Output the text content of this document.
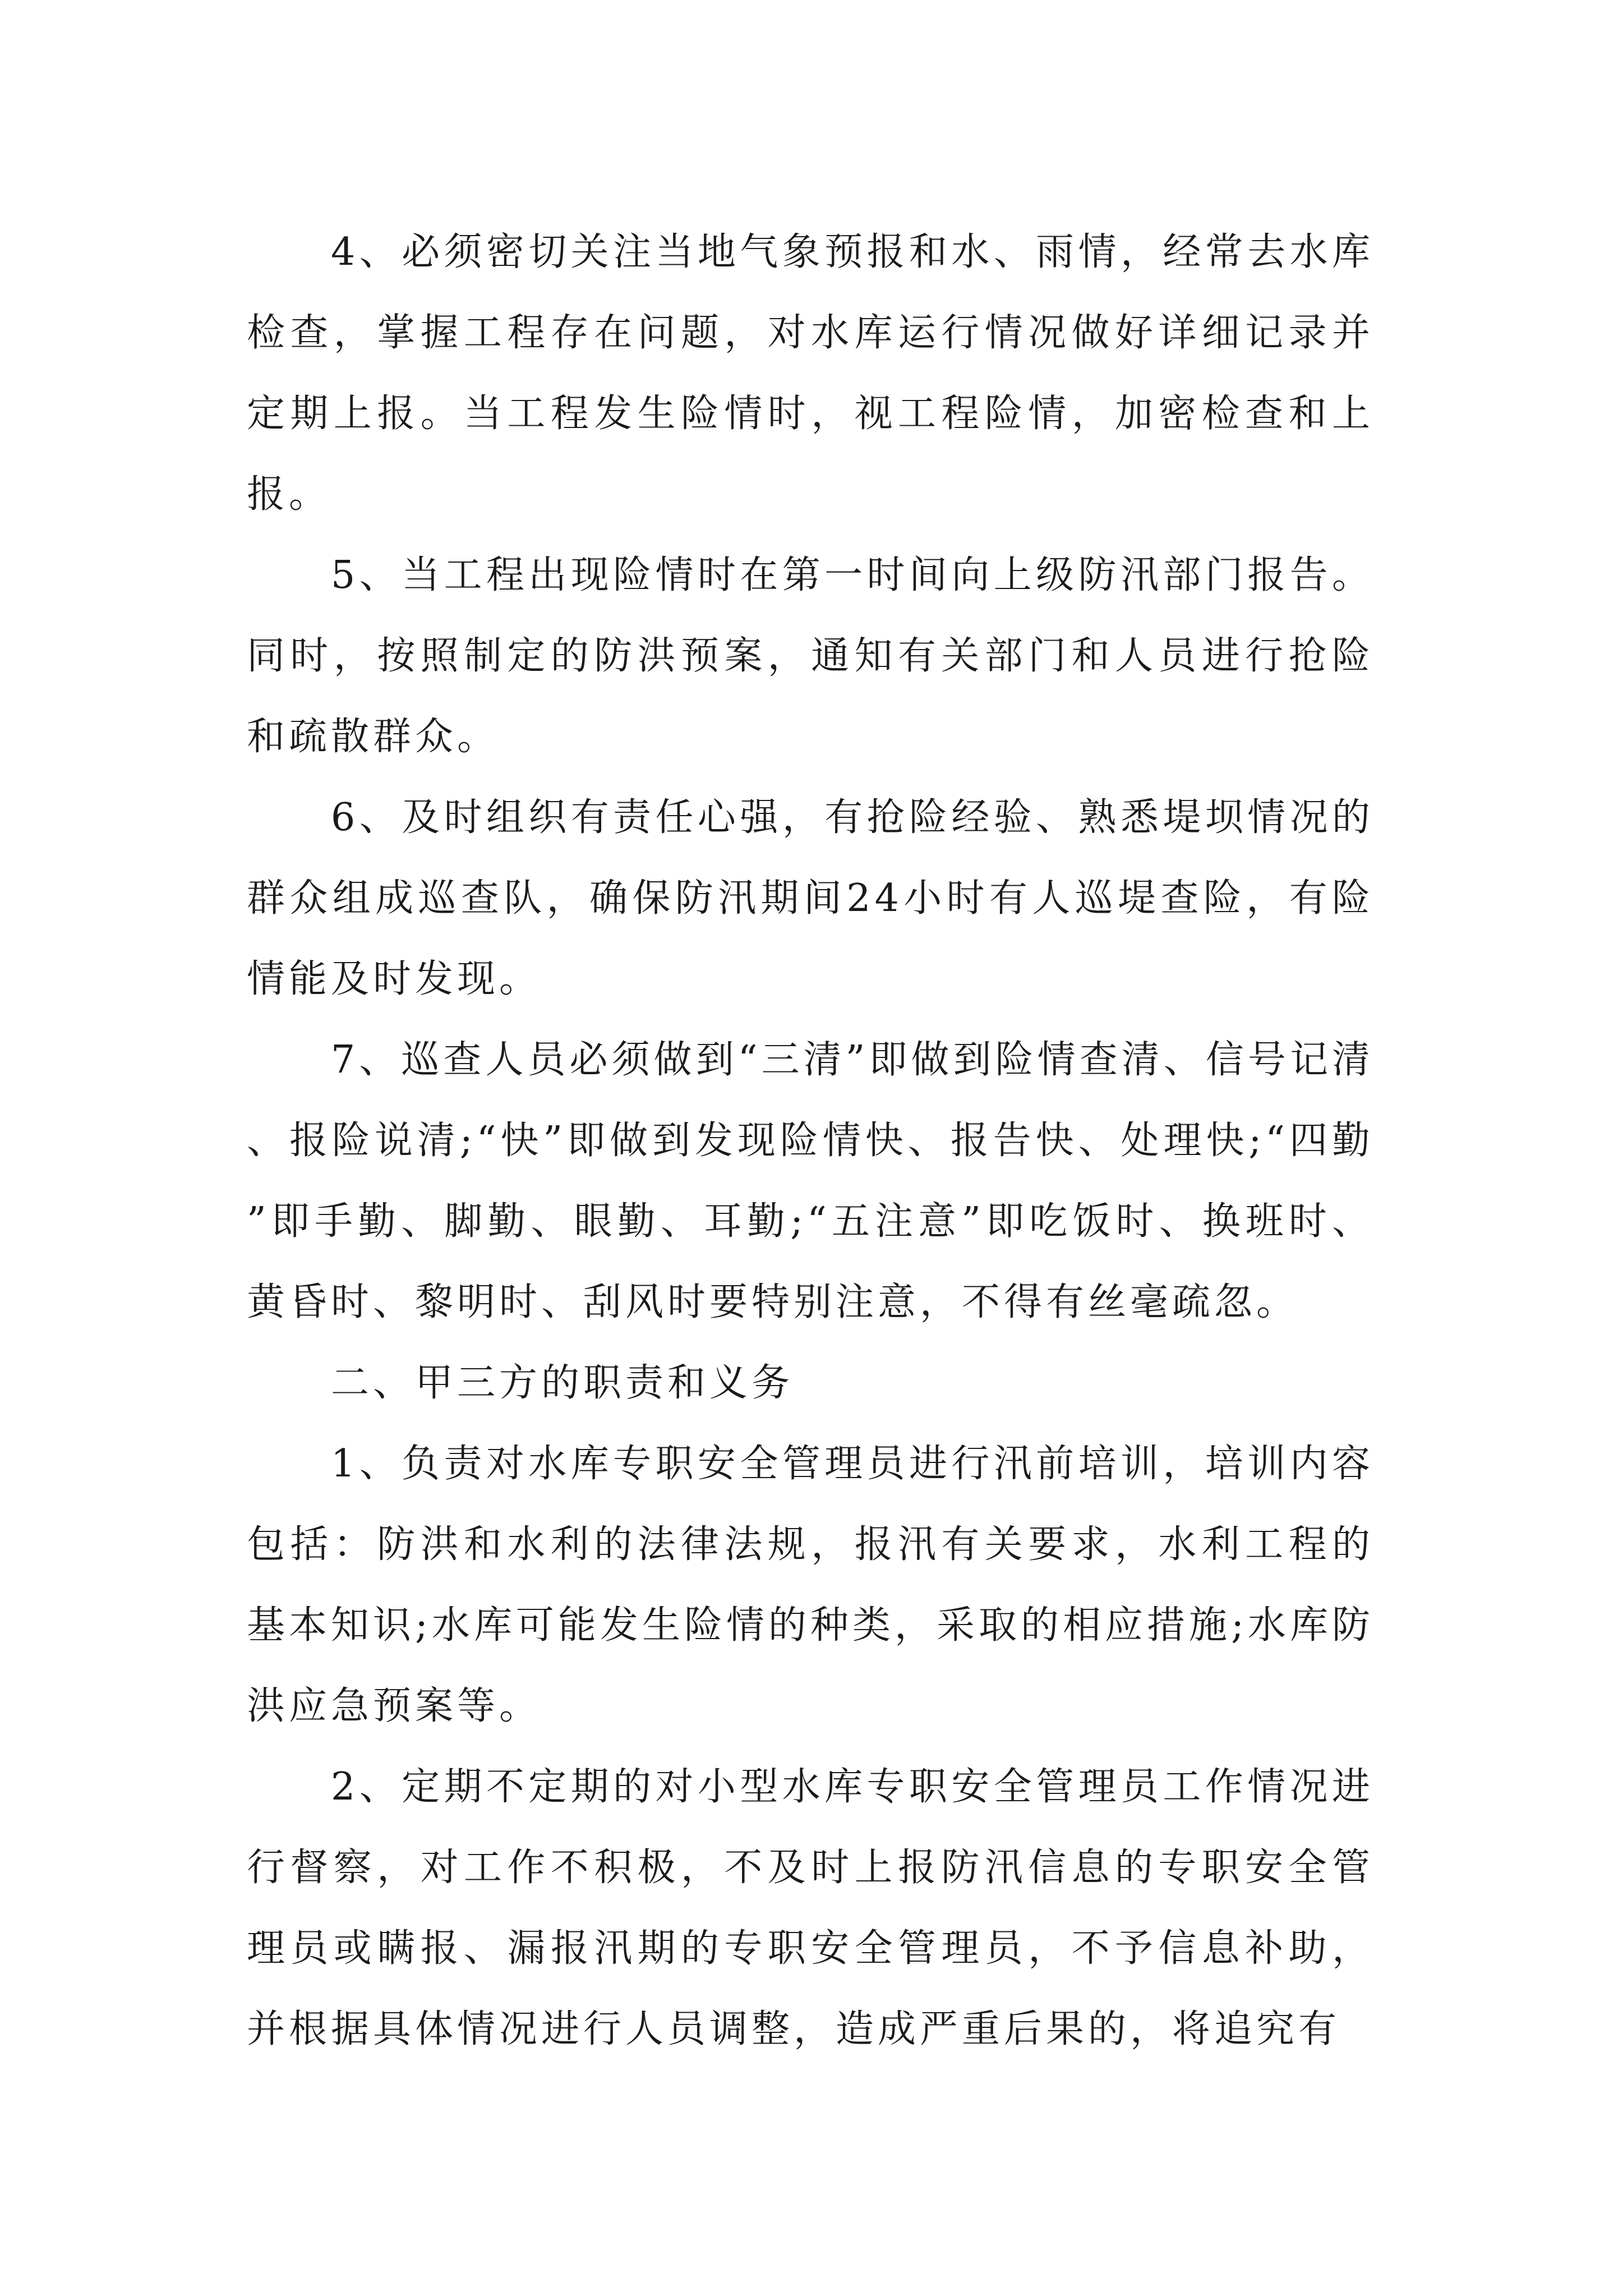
4、必须密切关注当地气象预报和水、雨情，经常去水库检查，掌握工程存在问题，对水库运行情况做好详细记录并定期上报。当工程发生险情时，视工程险情，加密检查和上报。

5、当工程出现险情时在第一时间向上级防汛部门报告。同时，按照制定的防洪预案，通知有关部门和人员进行抢险和疏散群众。

6、及时组织有责任心强，有抢险经验、熟悉堤坝情况的群众组成巡查队，确保防汛期间24小时有人巡堤查险，有险情能及时发现。

7、巡查人员必须做到“三清”即做到险情查清、信号记清、报险说清;“快”即做到发现险情快、报告快、处理快;“四勤”即手勤、脚勤、眼勤、耳勤;“五注意”即吃饭时、换班时、黄昏时、黎明时、刮风时要特别注意，不得有丝毫疏忽。

二、甲三方的职责和义务

1、负责对水库专职安全管理员进行汛前培训，培训内容包括：防洪和水利的法律法规，报汛有关要求，水利工程的基本知识;水库可能发生险情的种类，采取的相应措施;水库防洪应急预案等。

2、定期不定期的对小型水库专职安全管理员工作情况进行督察，对工作不积极，不及时上报防汛信息的专职安全管理员或瞒报、漏报汛期的专职安全管理员，不予信息补助，并根据具体情况进行人员调整，造成严重后果的，将追究有
